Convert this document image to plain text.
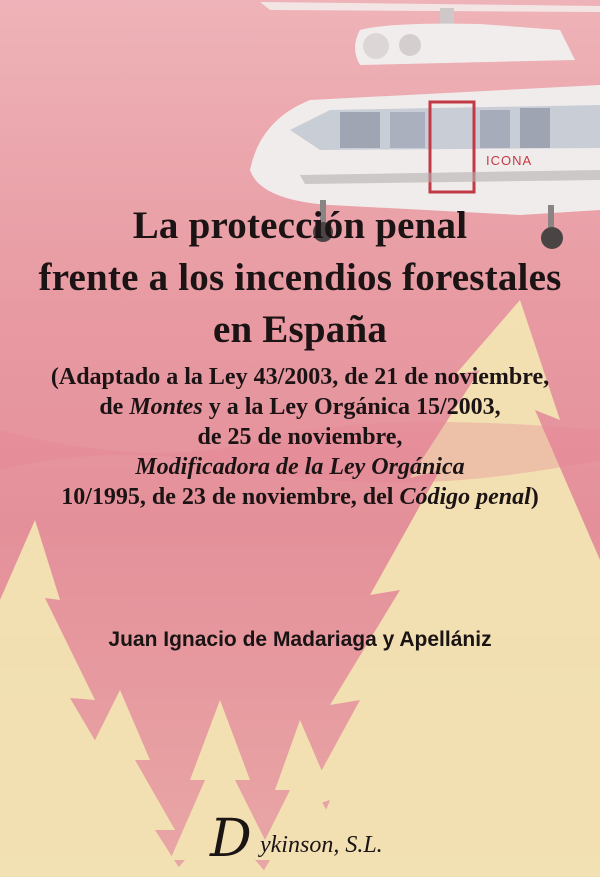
ICONA
La protección penal
frente a los incendios forestales
en España
(Adaptado a la Ley 43/2003, de 21 de noviembre,
de Montes y a la Ley Orgánica 15/2003,
de 25 de noviembre,
Modificadora de la Ley Orgánica
10/1995, de 23 de noviembre, del Código penal)
Juan Ignacio de Madariaga y Apellániz
D ykinson, S.L.
